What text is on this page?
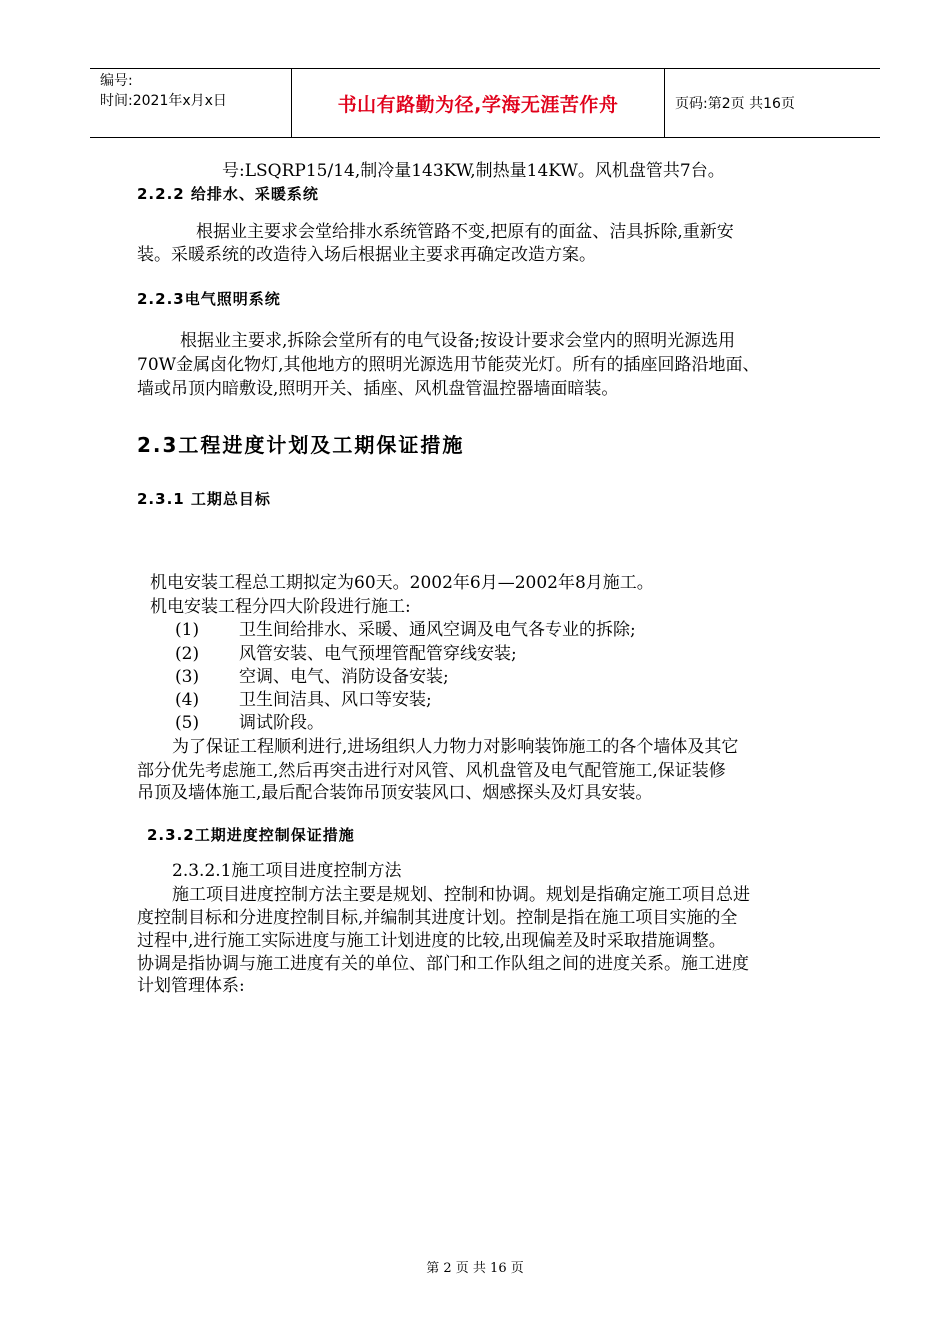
编号:
时间:2021年x月x日	书山有路勤为径,学海无涯苦作舟	页码:第2页 共16页
号:LSQRP15/14,制冷量143KW,制热量14KW。风机盘管共7台。
2.2.2 给排水、采暖系统
根据业主要求会堂给排水系统管路不变,把原有的面盆、洁具拆除,重新安
装。采暖系统的改造待入场后根据业主要求再确定改造方案。
2.2.3电气照明系统
根据业主要求,拆除会堂所有的电气设备;按设计要求会堂内的照明光源选用
70W金属卤化物灯,其他地方的照明光源选用节能荧光灯。所有的插座回路沿地面、
墙或吊顶内暗敷设,照明开关、插座、风机盘管温控器墙面暗装。
2.3工程进度计划及工期保证措施
2.3.1 工期总目标
机电安装工程总工期拟定为60天。2002年6月—2002年8月施工。
机电安装工程分四大阶段进行施工:
(1) 卫生间给排水、采暖、通风空调及电气各专业的拆除;
(2) 风管安装、电气预埋管配管穿线安装;
(3) 空调、电气、消防设备安装;
(4) 卫生间洁具、风口等安装;
(5) 调试阶段。
为了保证工程顺利进行,进场组织人力物力对影响装饰施工的各个墙体及其它
部分优先考虑施工,然后再突击进行对风管、风机盘管及电气配管施工,保证装修
吊顶及墙体施工,最后配合装饰吊顶安装风口、烟感探头及灯具安装。
2.3.2工期进度控制保证措施
2.3.2.1施工项目进度控制方法
施工项目进度控制方法主要是规划、控制和协调。规划是指确定施工项目总进
度控制目标和分进度控制目标,并编制其进度计划。控制是指在施工项目实施的全
过程中,进行施工实际进度与施工计划进度的比较,出现偏差及时采取措施调整。
协调是指协调与施工进度有关的单位、部门和工作队组之间的进度关系。施工进度
计划管理体系:
第 2 页 共 16 页
